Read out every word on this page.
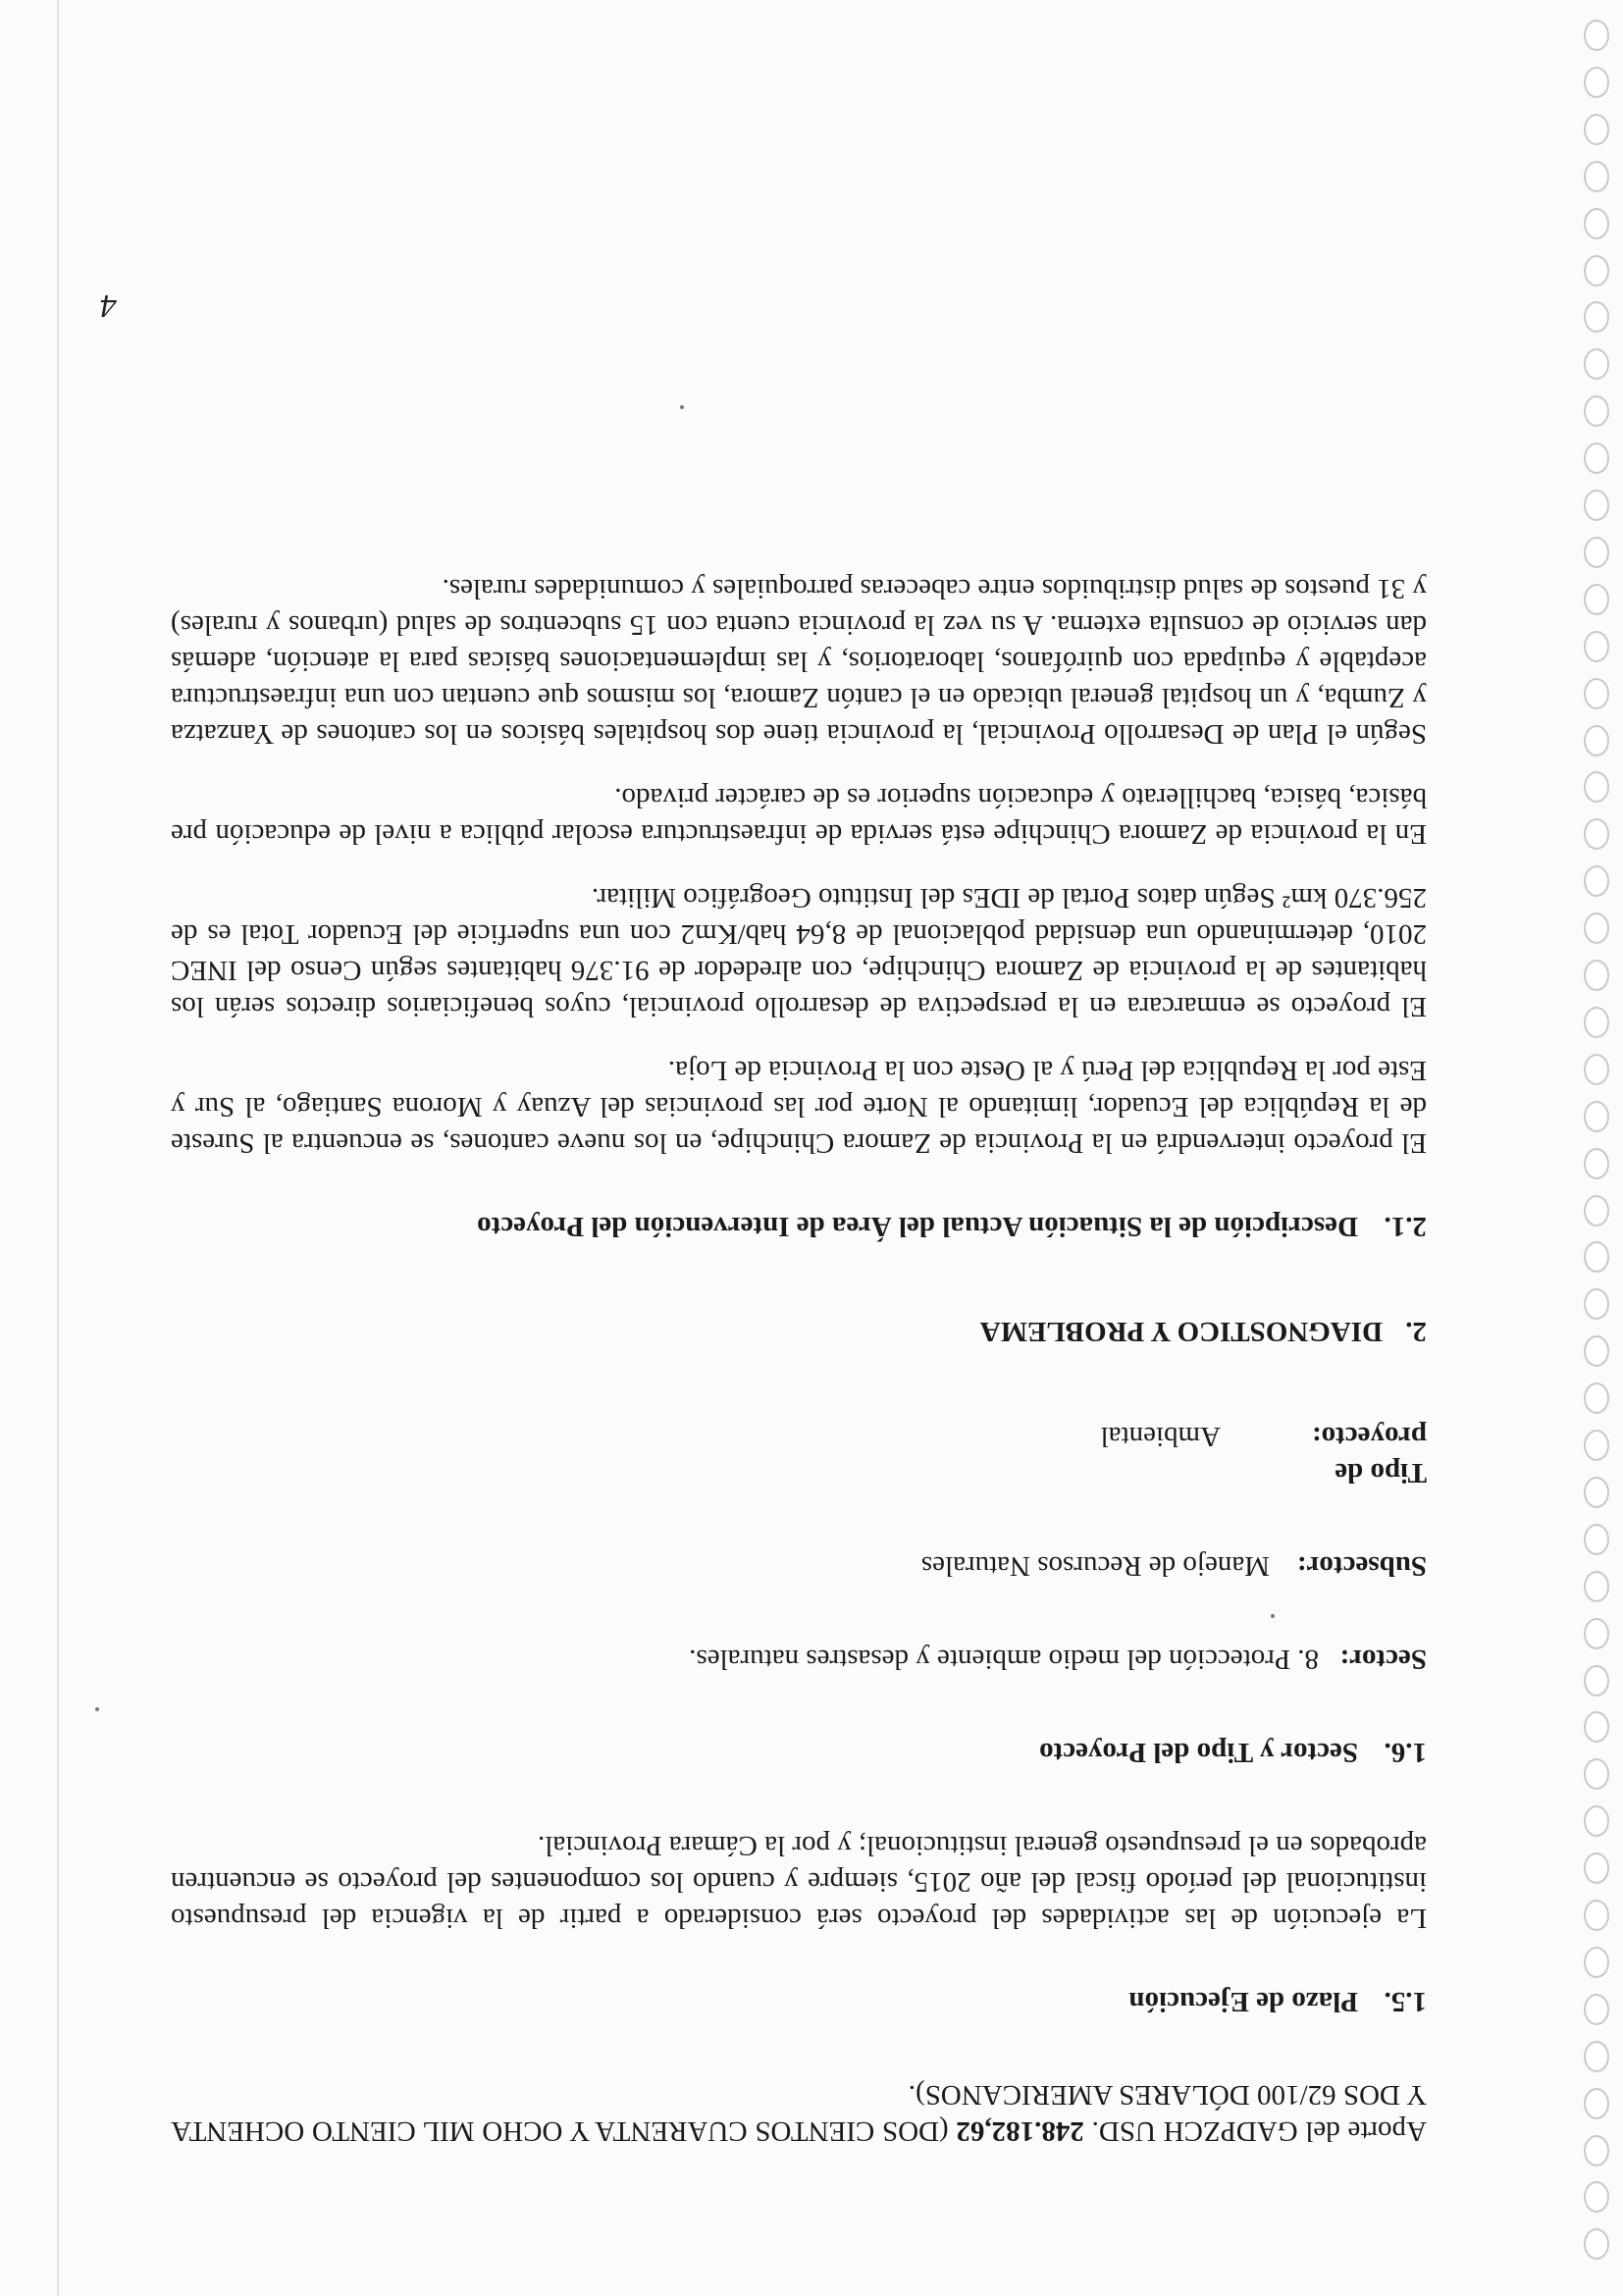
Aporte del GADPZCH USD. 248.182,62 (DOS CIENTOS CUARENTA Y OCHO MIL CIENTO OCHENTA Y DOS 62/100 DÓLARES AMERICANOS).

1.5.Plazo de Ejecución

La ejecución de las actividades del proyecto será considerado a partir de la vigencia del presupuesto institucional del período fiscal del año 2015, siempre y cuando los componentes del proyecto se encuentren aprobados en el presupuesto general institucional; y por la Cámara Provincial.

1.6.Sector y Tipo del Proyecto

Sector:8. Protección del medio ambiente y desastres naturales.

Subsector:Manejo de Recursos Naturales

Tipo de proyecto:Ambiental

2.DIAGNOSTICO Y PROBLEMA

2.1.Descripción de la Situación Actual del Área de Intervención del Proyecto

El proyecto intervendrá en la Provincia de Zamora Chinchipe, en los nueve cantones, se encuentra al Sureste de la República del Ecuador, limitando al Norte por las provincias del Azuay y Morona Santiago, al Sur y Este por la Republica del Perú y al Oeste con la Provincia de Loja.

El proyecto se enmarcara en la perspectiva de desarrollo provincial, cuyos beneficiarios directos serán los habitantes de la provincia de Zamora Chinchipe, con alrededor de 91.376 habitantes según Censo del INEC 2010, determinando una densidad poblacional de 8,64 hab/Km2 con una superficie del Ecuador Total es de 256.370 km² Según datos Portal de IDEs del Instituto Geográfico Militar.

En la provincia de Zamora Chinchipe está servida de infraestructura escolar pública a nivel de educación pre básica, básica, bachillerato y educación superior es de carácter privado.

Según el Plan de Desarrollo Provincial, la provincia tiene dos hospitales básicos en los cantones de Yanzatza y Zumba, y un hospital general ubicado en el cantón Zamora, los mismos que cuentan con una infraestructura aceptable y equipada con quirófanos, laboratorios, y las implementaciones básicas para la atención, además dan servicio de consulta externa. A su vez la provincia cuenta con 15 subcentros de salud (urbanos y rurales) y 31 puestos de salud distribuidos entre cabeceras parroquiales y comunidades rurales.

4
